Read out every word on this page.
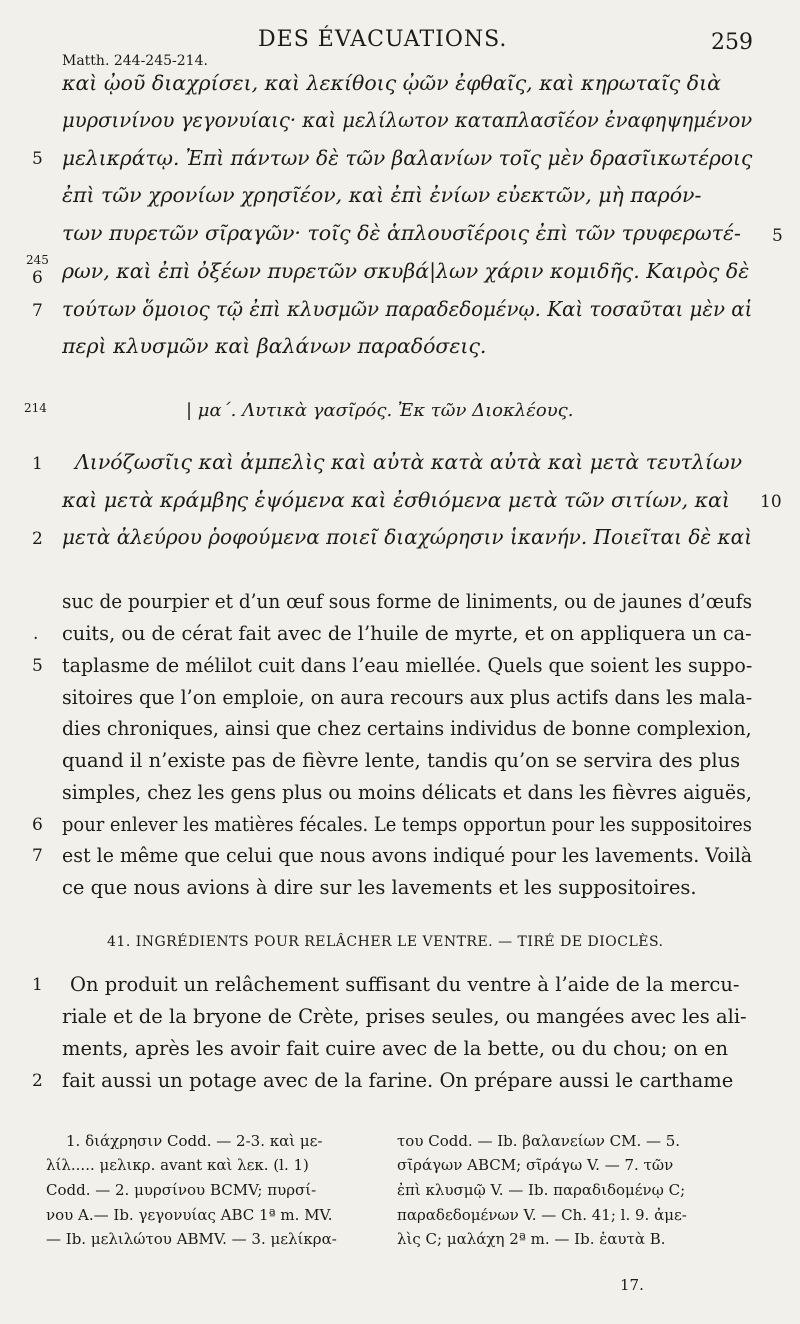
DES ÉVACUATIONS.	259
Matth. 244-245-214.
καὶ ᾠοῦ διαχρίσει, καὶ λεκίθοις ᾠῶν ἐφθαῖς, καὶ κηρωταῖς διὰ
μυρσινίνου γεγονυίαις· καὶ μελίλωτον καταπλασῖέον ἐναφηψημένον
μελικράτῳ. Ἐπὶ πάντων δὲ τῶν βαλανίων τοῖς μὲν δρασῖικωτέροις
ἐπὶ τῶν χρονίων χρησῖέον, καὶ ἐπὶ ἐνίων εὐεκτῶν, μὴ παρόν-
των πυρετῶν σῖραγῶν· τοῖς δὲ ἁπλουσῖέροις ἐπὶ τῶν τρυφερωτέ-
ρων, καὶ ἐπὶ ὀξέων πυρετῶν σκυβά|λων χάριν κομιδῆς. Καιρὸς δὲ
τούτων ὅμοιος τῷ ἐπὶ κλυσμῶν παραδεδομένῳ. Καὶ τοσαῦται μὲν αἱ
περὶ κλυσμῶν καὶ βαλάνων παραδόσεις.
5
5
245
6
7
214	| μα΄. Λυτικὰ γασῖρός. Ἐκ τῶν Διοκλέους.
Λινόζωσῖις καὶ ἀμπελὶς καὶ αὐτὰ κατὰ αὐτὰ καὶ μετὰ τευτλίων
καὶ μετὰ κράμβης ἑψόμενα καὶ ἐσθιόμενα μετὰ τῶν σιτίων, καὶ
μετὰ ἀλεύρου ῥοφούμενα ποιεῖ διαχώρησιν ἱκανήν. Ποιεῖται δὲ καὶ
1
10
2
suc de pourpier et d’un œuf sous forme de liniments, ou de jaunes d’œufs
cuits, ou de cérat fait avec de l’huile de myrte, et on appliquera un ca-
taplasme de mélilot cuit dans l’eau miellée. Quels que soient les suppo-
sitoires que l’on emploie, on aura recours aux plus actifs dans les mala-
dies chroniques, ainsi que chez certains individus de bonne complexion,
quand il n’existe pas de fièvre lente, tandis qu’on se servira des plus
simples, chez les gens plus ou moins délicats et dans les fièvres aiguës,
pour enlever les matières fécales. Le temps opportun pour les suppositoires
est le même que celui que nous avons indiqué pour les lavements. Voilà
ce que nous avions à dire sur les lavements et les suppositoires.
.
5
6
7
41. INGRÉDIENTS POUR RELÂCHER LE VENTRE. — TIRÉ DE DIOCLÈS.
On produit un relâchement suffisant du ventre à l’aide de la mercu-
riale et de la bryone de Crète, prises seules, ou mangées avec les ali-
ments, après les avoir fait cuire avec de la bette, ou du chou; on en
fait aussi un potage avec de la farine. On prépare aussi le carthame
1
2
1. διάχρησιν Codd. — 2-3. καὶ με-
λίλ..... μελικρ. avant καὶ λεκ. (l. 1)
Codd. — 2. μυρσίνου BCMV; πυρσί-
νου A.— Ib. γεγονυίας ABC 1ª m. MV.
— Ib. μελιλώτου ABMV. — 3. μελίκρα-
του Codd. — Ib. βαλανείων CM. — 5.
σῖράγων ABCM; σῖράγω V. — 7. τῶν
ἐπὶ κλυσμῷ V. — Ib. παραδιδομένῳ C;
παραδεδομένων V. — Ch. 41; l. 9. ἀμε-
λὶς C; μαλάχη 2ª m. — Ib. ἑαυτὰ B.
17.
